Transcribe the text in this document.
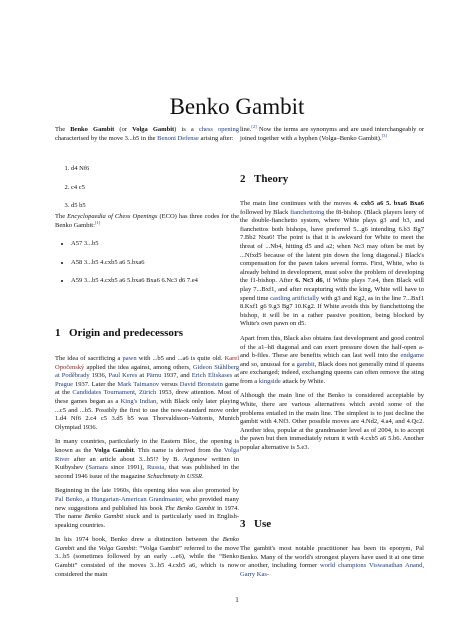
Benko Gambit

The Benko Gambit (or Volga Gambit) is a chess opening characterised by the move 3...b5 in the Benoni Defense arising after:

1. d4 Nf6
2. c4 c5
3. d5 b5

The Encyclopaedia of Chess Openings (ECO) has three codes for the Benko Gambit:[1]

• A57 3...b5
• A58 3...b5 4.cxb5 a6 5.bxa6
• A59 3...b5 4.cxb5 a6 5.bxa6 Bxa6 6.Nc3 d6 7.e4
1 Origin and predecessors

The idea of sacrificing a pawn with ...b5 and ...a6 is quite old. Karel Opočenský applied the idea against, among others, Gideon Ståhlberg at Poděbrady 1936, Paul Keres at Pärnu 1937, and Erich Eliskases at Prague 1937. Later the Mark Taimanov versus David Bronstein game at the Candidates Tournament, Zürich 1953, drew attention. Most of these games began as a King's Indian, with Black only later playing ...c5 and ...b5. Possibly the first to use the now-standard move order 1.d4 Nf6 2.c4 c5 3.d5 b5 was Thorvaldsson–Vaitonis, Munich Olympiad 1936.

In many countries, particularly in the Eastern Bloc, the opening is known as the Volga Gambit. This name is derived from the Volga River after an article about 3...b5!? by B. Argunow written in Kuibyshev (Samara since 1991), Russia, that was published in the second 1946 issue of the magazine Schachmaty in USSR.

Beginning in the late 1960s, this opening idea was also promoted by Pal Benko, a Hungarian-American Grandmaster, who provided many new suggestions and published his book The Benko Gambit in 1974. The name Benko Gambit stuck and is particularly used in English-speaking countries.

In his 1974 book, Benko drew a distinction between the Benko Gambit and the Volga Gambit: “Volga Gambit” referred to the move 3...b5 (sometimes followed by an early ...e6), while the “Benko Gambit” consisted of the moves 3...b5 4.cxb5 a6, which is now considered the main

line.[2] Now the terms are synonyms and are used interchangeably or joined together with a hyphen (Volga–Benko Gambit).[3]

2 Theory

The main line continues with the moves 4. cxb5 a6 5. bxa6 Bxa6 followed by Black fianchettoing the f8-bishop. (Black players leery of the double-fianchetto system, where White plays g3 and b3, and fianchettos both bishops, have preferred 5...g6 intending 6.b3 Bg7 7.Bb2 Nxa6! The point is that it is awkward for White to meet the threat of ...Nb4, hitting d5 and a2; when Nc3 may often be met by ...Nfxd5 because of the latent pin down the long diagonal.) Black's compensation for the pawn takes several forms. First, White, who is already behind in development, must solve the problem of developing the f1-bishop. After 6. Nc3 d6, if White plays 7.e4, then Black will play 7...Bxf1, and after recapturing with the king, White will have to spend time castling artificially with g3 and Kg2, as in the line 7...Bxf1 8.Kxf1 g6 9.g3 Bg7 10.Kg2. If White avoids this by fianchettoing the bishop, it will be in a rather passive position, being blocked by White's own pawn on d5.

Apart from this, Black also obtains fast development and good control of the a1–h8 diagonal and can exert pressure down the half-open a- and b-files. These are benefits which can last well into the endgame and so, unusual for a gambit, Black does not generally mind if queens are exchanged; indeed, exchanging queens can often remove the sting from a kingside attack by White.

Although the main line of the Benko is considered acceptable by White, there are various alternatives which avoid some of the problems entailed in the main line. The simplest is to just decline the gambit with 4.Nf3. Other possible moves are 4.Nd2, 4.a4, and 4.Qc2. Another idea, popular at the grandmaster level as of 2004, is to accept the pawn but then immediately return it with 4.cxb5 a6 5.b6. Another popular alternative is 5.e3.

3 Use

The gambit's most notable practitioner has been its eponym, Pal Benko. Many of the world's strongest players have used it at one time or another, including former world champions Viswanathan Anand, Garry Kas-

1
